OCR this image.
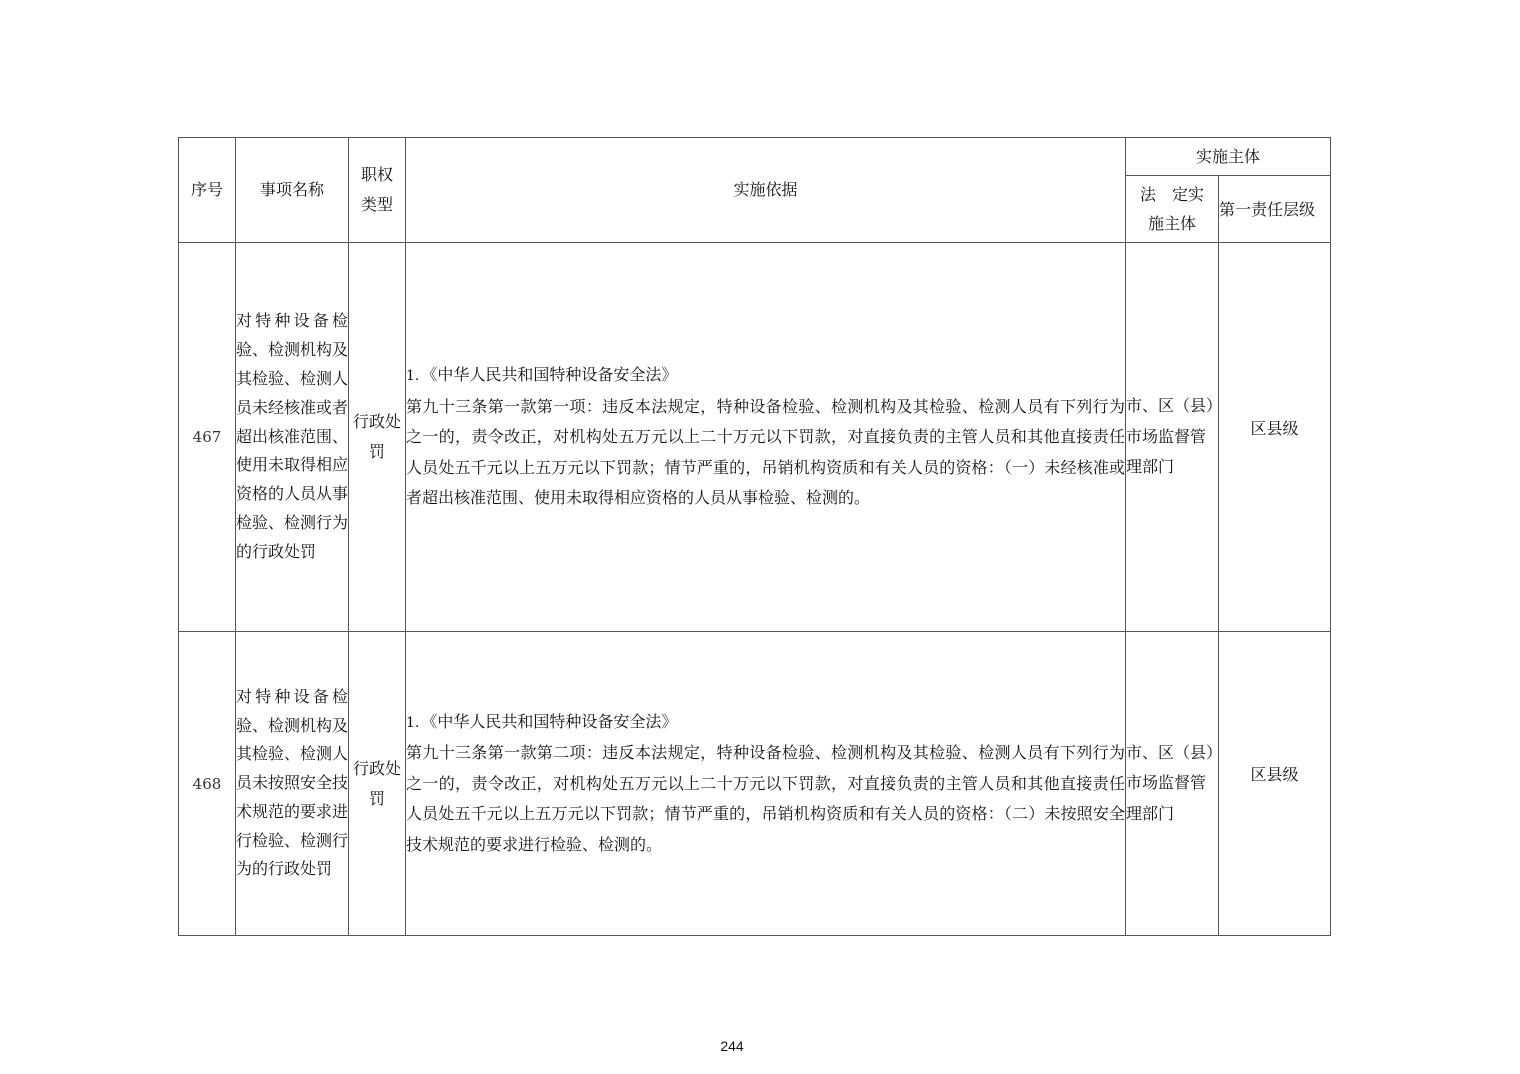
序号	事项名称	职权类型	实施依据	实施主体	
				法　定实施主体	第一责任层级
467	对特种设备检验、检测机构及其检验、检测人员未经核准或者超出核准范围、使用未取得相应资格的人员从事检验、检测行为的行政处罚	行政处罚	1. 《中华人民共和国特种设备安全法》
第九十三条第一款第一项：违反本法规定，特种设备检验、检测机构及其检验、检测人员有下列行为之一的，责令改正，对机构处五万元以上二十万元以下罚款，对直接负责的主管人员和其他直接责任人员处五千元以上五万元以下罚款；情节严重的，吊销机构资质和有关人员的资格：（一）未经核准或者超出核准范围、使用未取得相应资格的人员从事检验、检测的。	市、区（县）市场监督管理部门	区县级

468	对特种设备检验、检测机构及其检验、检测人员未按照安全技术规范的要求进行检验、检测行为的行政处罚	行政处罚	1. 《中华人民共和国特种设备安全法》
第九十三条第一款第二项：违反本法规定，特种设备检验、检测机构及其检验、检测人员有下列行为之一的，责令改正，对机构处五万元以上二十万元以下罚款，对直接负责的主管人员和其他直接责任人员处五千元以上五万元以下罚款；情节严重的，吊销机构资质和有关人员的资格：（二）未按照安全技术规范的要求进行检验、检测的。	市、区（县）市场监督管理部门	区县级
244
